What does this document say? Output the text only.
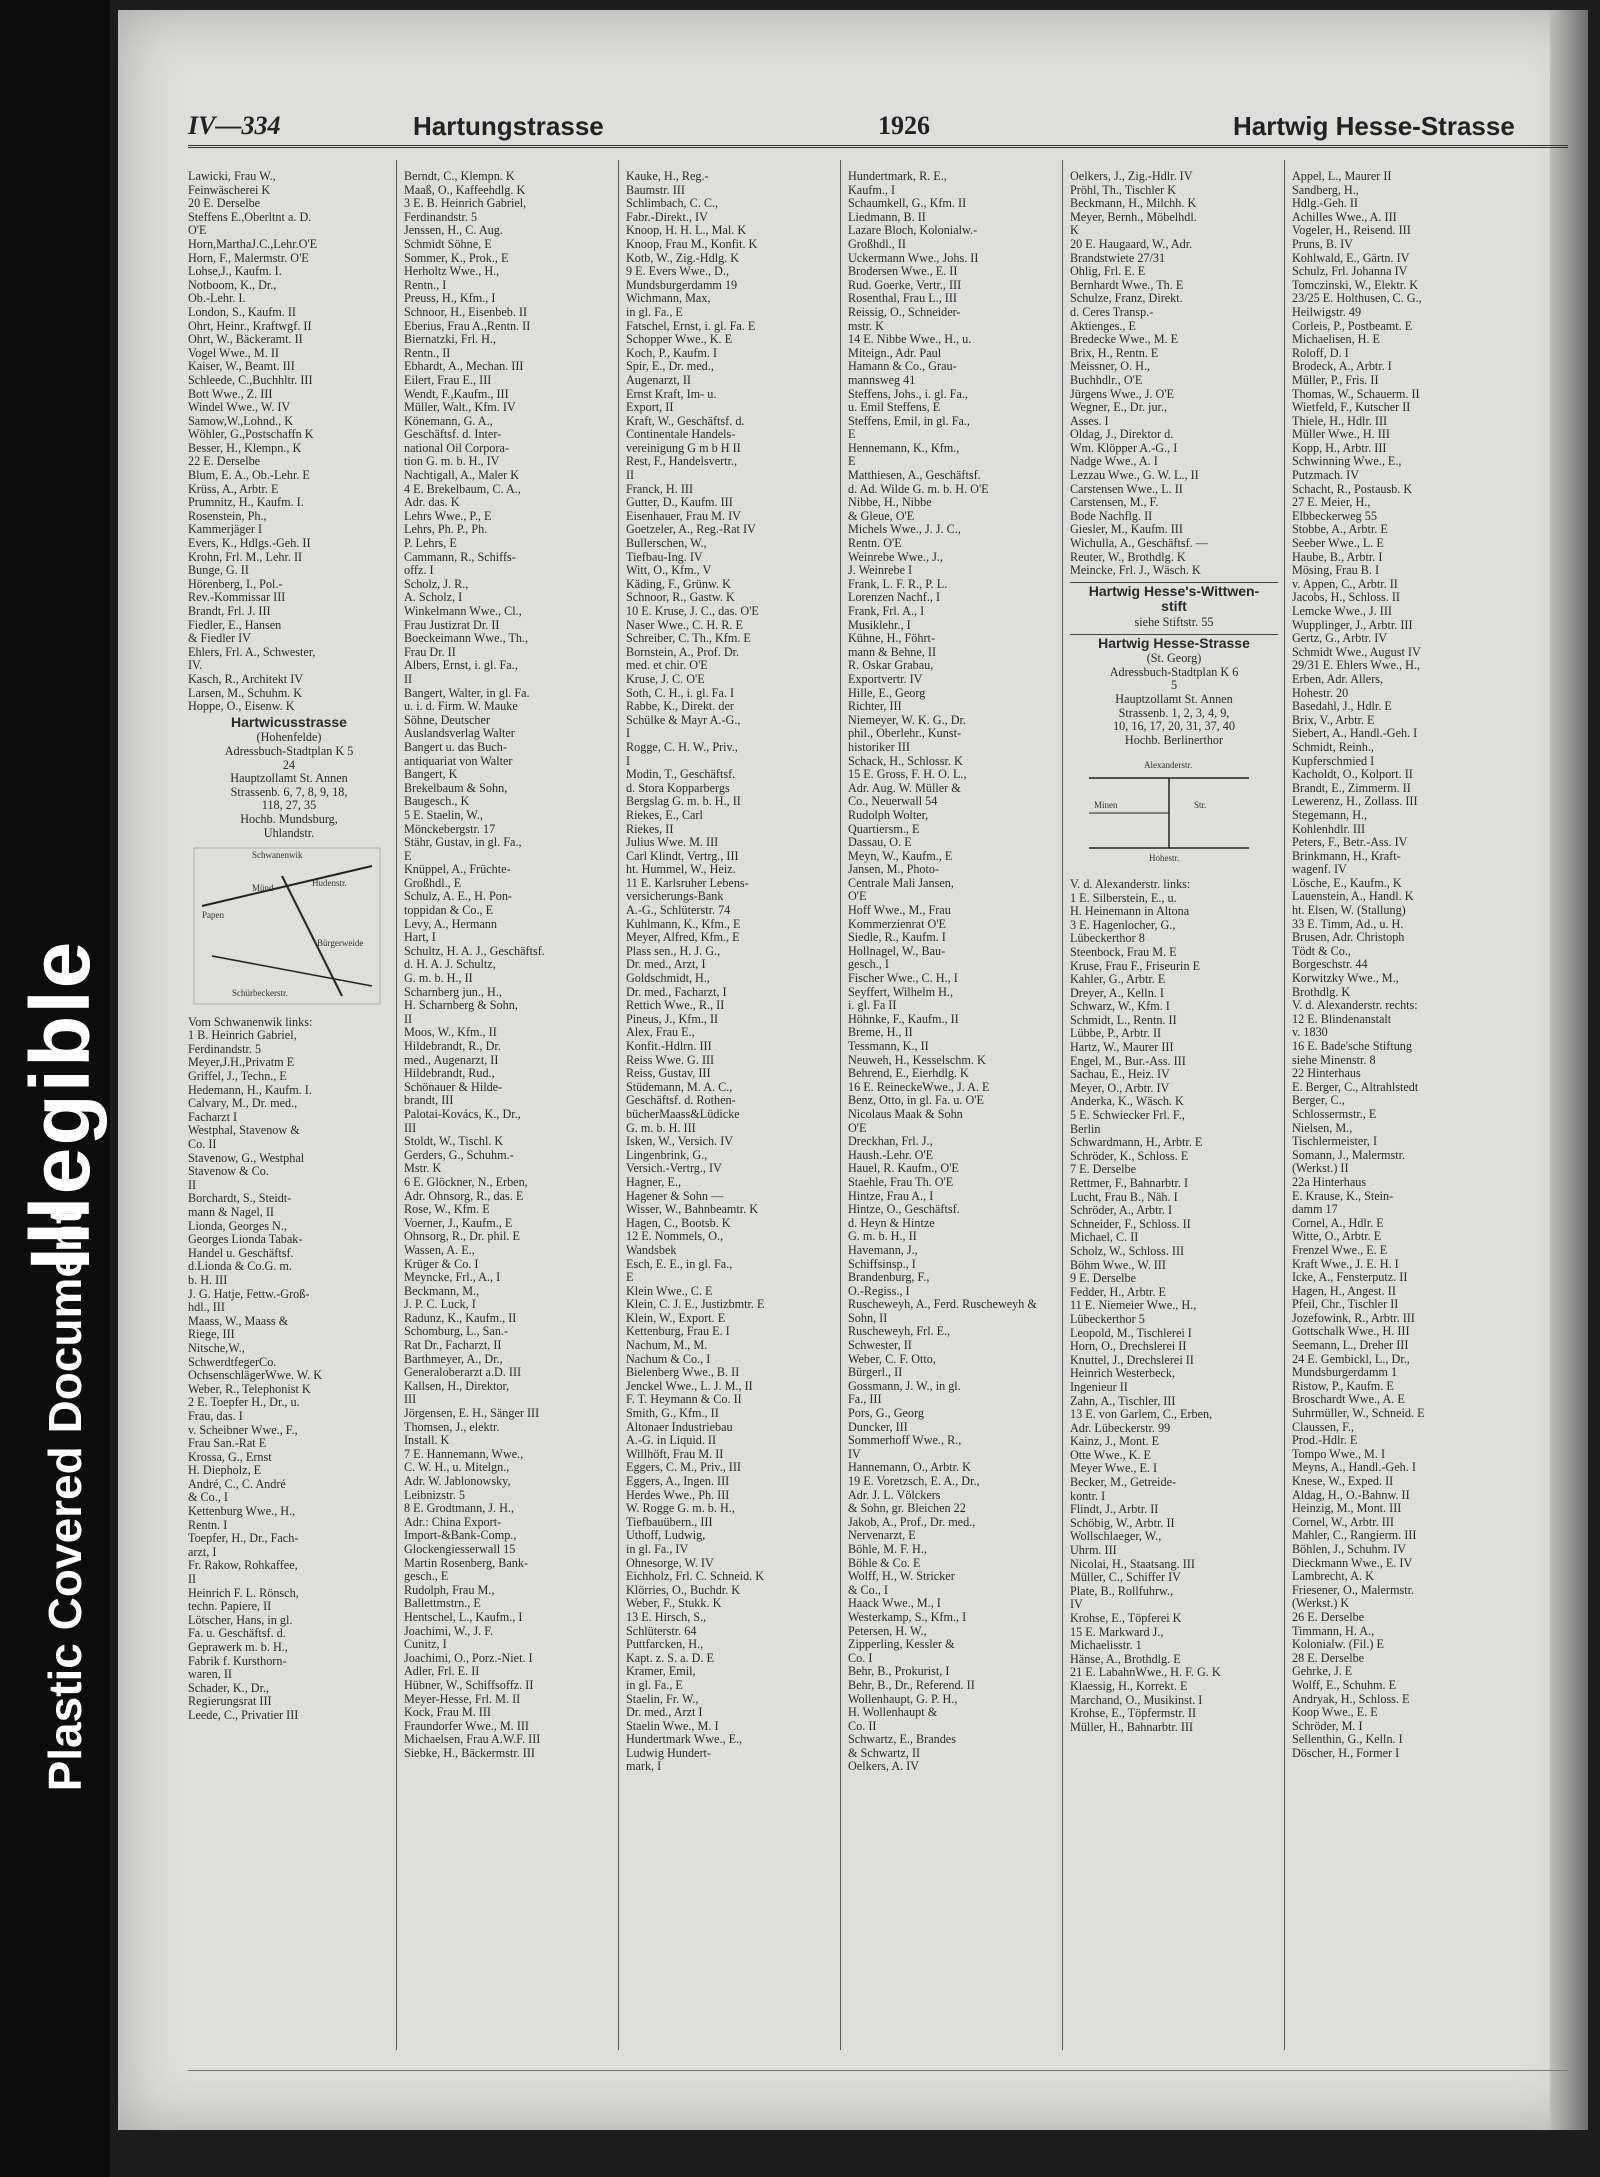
Illegible
Plastic Covered Document
IV—334	Hartungstrasse	1926	Hartwig Hesse-Strasse
Lawicki, Frau W.,
Feinwäscherei K
20 E. Derselbe
Steffens E.,Oberltnt a. D.
O'E
Horn,MarthaJ.C.,Lehr.O'E
Horn, F., Malermstr. O'E
Lohse,J., Kaufm. I.
Notboom, K., Dr.,
Ob.-Lehr. I.
London, S., Kaufm. II
Ohrt, Heinr., Kraftwgf. II
Ohrt, W., Bäckeramt. II
Vogel Wwe., M. II
Kaiser, W., Beamt. III
Schleede, C.,Buchhltr. III
Bott Wwe., Z. III
Windel Wwe., W. IV
Samow,W.,Lohnd., K
Wöhler, G.,Postschaffn K
Besser, H., Klempn., K
22 E. Derselbe
Blum, E. A., Ob.-Lehr. E
Krüss, A., Arbtr. E
Prumnitz, H., Kaufm. I.
Rosenstein, Ph.,
Kammerjäger I
Evers, K., Hdlgs.-Geh. II
Krohn, Frl. M., Lehr. II
Bunge, G. II
Hörenberg, I., Pol.-
Rev.-Kommissar III
Brandt, Frl. J. III
Fiedler, E., Hansen
& Fiedler IV
Ehlers, Frl. A., Schwester,
IV.
Kasch, R., Architekt IV
Larsen, M., Schuhm. K
Hoppe, O., Eisenw. K
Hartwicusstrasse
(Hohenfelde)
Adressbuch-Stadtplan K 5
24
Hauptzollamt St. Annen
Strassenb. 6, 7, 8, 9, 18,
118, 27, 35
Hochb. Mundsburg,
Uhlandstr.
Schwanenwik
Papen
Hudenstr.
Bürgerweide
Schürbeckerstr.
Münd
Vom Schwanenwik links:
1 B. Heinrich Gabriel,
Ferdinandstr. 5
Meyer,J.H.,Privatm E
Griffel, J., Techn., E
Hedemann, H., Kaufm. I.
Calvary, M., Dr. med.,
Facharzt I
Westphal, Stavenow &
Co. II
Stavenow, G., Westphal
Stavenow & Co.
II
Borchardt, S., Steidt-
mann & Nagel, II
Lionda, Georges N.,
Georges Lionda Tabak-
Handel u. Geschäftsf.
d.Lionda & Co.G. m.
b. H. III
J. G. Hatje, Fettw.-Groß-
hdl., III
Maass, W., Maass &
Riege, III
Nitsche,W.,
SchwerdtfegerCo.
OchsenschlägerWwe. W. K
Weber, R., Telephonist K
2 E. Toepfer H., Dr., u.
Frau, das. I
v. Scheibner Wwe., F.,
Frau San.-Rat E
Krossa, G., Ernst
H. Diepholz, E
André, C., C. André
& Co., I
Kettenburg Wwe., H.,
Rentn. I
Toepfer, H., Dr., Fach-
arzt, I
Fr. Rakow, Rohkaffee,
II
Heinrich F. L. Rönsch,
techn. Papiere, II
Lötscher, Hans, in gl.
Fa. u. Geschäftsf. d.
Geprawerk m. b. H.,
Fabrik f. Kursthorn-
waren, II
Schader, K., Dr.,
Regierungsrat III
Leede, C., Privatier III
Berndt, C., Klempn. K
Maaß, O., Kaffeehdlg. K
3 E. B. Heinrich Gabriel,
Ferdinandstr. 5
Jenssen, H., C. Aug.
Schmidt Söhne, E
Sommer, K., Prok., E
Herholtz Wwe., H.,
Rentn., I
Preuss, H., Kfm., I
Schnoor, H., Eisenbeb. II
Eberius, Frau A.,Rentn. II
Biernatzki, Frl. H.,
Rentn., II
Ebhardt, A., Mechan. III
Eilert, Frau E., III
Wendt, F.,Kaufm., III
Müller, Walt., Kfm. IV
Könemann, G. A.,
Geschäftsf. d. Inter-
national Oil Corpora-
tion G. m. b. H., IV
Nachtigall, A., Maler K
4 E. Brekelbaum, C. A.,
Adr. das. K
Lehrs Wwe., P., E
Lehrs, Ph. P., Ph.
P. Lehrs, E
Cammann, R., Schiffs-
offz. I
Scholz, J. R.,
A. Scholz, I
Winkelmann Wwe., Cl.,
Frau Justizrat Dr. II
Boeckeimann Wwe., Th.,
Frau Dr. II
Albers, Ernst, i. gl. Fa.,
II
Bangert, Walter, in gl. Fa.
u. i. d. Firm. W. Mauke
Söhne, Deutscher
Auslandsverlag Walter
Bangert u. das Buch-
antiquariat von Walter
Bangert, K
Brekelbaum & Sohn,
Baugesch., K
5 E. Staelin, W.,
Mönckebergstr. 17
Stähr, Gustav, in gl. Fa.,
E
Knüppel, A., Früchte-
Großhdl., E
Schulz, A. E., H. Pon-
toppidan & Co., E
Levy, A., Hermann
Hart, I
Schultz, H. A. J., Geschäftsf.
d. H. A. J. Schultz,
G. m. b. H., II
Scharnberg jun., H.,
H. Scharnberg & Sohn,
II
Moos, W., Kfm., II
Hildebrandt, R., Dr.
med., Augenarzt, II
Hildebrandt, Rud.,
Schönauer & Hilde-
brandt, III
Palotai-Kovács, K., Dr.,
III
Stoldt, W., Tischl. K
Gerders, G., Schuhm.-
Mstr. K
6 E. Glöckner, N., Erben,
Adr. Ohnsorg, R., das. E
Rose, W., Kfm. E
Voerner, J., Kaufm., E
Ohnsorg, R., Dr. phil. E
Wassen, A. E.,
Krüger & Co. I
Meyncke, Frl., A., I
Beckmann, M.,
J. P. C. Luck, I
Radunz, K., Kaufm., II
Schomburg, L., San.-
Rat Dr., Facharzt, II
Barthmeyer, A., Dr.,
Generaloberarzt a.D. III
Kallsen, H., Direktor,
III
Jörgensen, E. H., Sänger III
Thomsen, J., elektr.
Install. K
7 E. Hannemann, Wwe.,
C. W. H., u. Mitelgn.,
Adr. W. Jablonowsky,
Leibnizstr. 5
8 E. Grodtmann, J. H.,
Adr.: China Export-
Import-&Bank-Comp.,
Glockengiesserwall 15
Martin Rosenberg, Bank-
gesch., E
Rudolph, Frau M.,
Ballettmstrn., E
Hentschel, L., Kaufm., I
Joachimi, W., J. F.
Cunitz, I
Joachimi, O., Porz.-Niet. I
Adler, Frl. E. II
Hübner, W., Schiffsoffz. II
Meyer-Hesse, Frl. M. II
Kock, Frau M. III
Fraundorfer Wwe., M. III
Michaelsen, Frau A.W.F. III
Siebke, H., Bäckermstr. III
Kauke, H., Reg.-
Baumstr. III
Schlimbach, C. C.,
Fabr.-Direkt., IV
Knoop, H. H. L., Mal. K
Knoop, Frau M., Konfit. K
Kotb, W., Zig.-Hdlg. K
9 E. Evers Wwe., D.,
Mundsburgerdamm 19
Wichmann, Max,
in gl. Fa., E
Fatschel, Ernst, i. gl. Fa. E
Schopper Wwe., K. E
Koch, P., Kaufm. I
Spir, E., Dr. med.,
Augenarzt, II
Ernst Kraft, Im- u.
Export, II
Kraft, W., Geschäftsf. d.
Continentale Handels-
vereinigung G m b H II
Rest, F., Handelsvertr.,
II
Franck, H. III
Gutter, D., Kaufm. III
Eisenhauer, Frau M. IV
Goetzeler, A., Reg.-Rat IV
Bullerschen, W.,
Tiefbau-Ing. IV
Witt, O., Kfm., V
Käding, F., Grünw. K
Schnoor, R., Gastw. K
10 E. Kruse, J. C., das. O'E
Naser Wwe., C. H. R. E
Schreiber, C. Th., Kfm. E
Bornstein, A., Prof. Dr.
med. et chir. O'E
Kruse, J. C. O'E
Soth, C. H., i. gl. Fa. I
Rabbe, K., Direkt. der
Schülke & Mayr A.-G.,
I
Rogge, C. H. W., Priv.,
I
Modin, T., Geschäftsf.
d. Stora Kopparbergs
Bergslag G. m. b. H., II
Riekes, E., Carl
Riekes, II
Julius Wwe. M. III
Carl Klindt, Vertrg., III
ht. Hummel, W., Heiz.
11 E. Karlsruher Lebens-
versicherungs-Bank
A.-G., Schlüterstr. 74
Kuhlmann, K., Kfm., E
Meyer, Alfred, Kfm., E
Plass sen., H. J. G.,
Dr. med., Arzt, I
Goldschmidt, H.,
Dr. med., Facharzt, I
Rettich Wwe., R., II
Pineus, J., Kfm., II
Alex, Frau E.,
Konfit.-Hdlrn. III
Reiss Wwe. G. III
Reiss, Gustav, III
Stüdemann, M. A. C.,
Geschäftsf. d. Rothen-
bücherMaass&Lüdicke
G. m. b. H. III
Isken, W., Versich. IV
Lingenbrink, G.,
Versich.-Vertrg., IV
Hagner, E.,
Hagener & Sohn —
Wisser, W., Bahnbeamtr. K
Hagen, C., Bootsb. K
12 E. Nommels, O.,
Wandsbek
Esch, E. E., in gl. Fa.,
E
Klein Wwe., C. E
Klein, C. J. E., Justizbmtr. E
Klein, W., Export. E
Kettenburg, Frau E. I
Nachum, M., M.
Nachum & Co., I
Bielenberg Wwe., B. II
Jenckel Wwe., L. J. M., II
F. T. Heymann & Co. II
Smith, G., Kfm., II
Altonaer Industriebau
A.-G. in Liquid. II
Willhöft, Frau M. II
Eggers, C. M., Priv., III
Eggers, A., Ingen. III
Herdes Wwe., Ph. III
W. Rogge G. m. b. H.,
Tiefbauübern., III
Uthoff, Ludwig,
in gl. Fa., IV
Ohnesorge, W. IV
Eichholz, Frl. C. Schneid. K
Klörries, O., Buchdr. K
Weber, F., Stukk. K
13 E. Hirsch, S.,
Schlüterstr. 64
Puttfarcken, H.,
Kapt. z. S. a. D. E
Kramer, Emil,
in gl. Fa., E
Staelin, Fr. W.,
Dr. med., Arzt I
Staelin Wwe., M. I
Hundertmark Wwe., E.,
Ludwig Hundert-
mark, I
Hundertmark, R. E.,
Kaufm., I
Schaumkell, G., Kfm. II
Liedmann, B. II
Lazare Bloch, Kolonialw.-
Großhdl., II
Uckermann Wwe., Johs. II
Brodersen Wwe., E. II
Rud. Goerke, Vertr., III
Rosenthal, Frau L., III
Reissig, O., Schneider-
mstr. K
14 E. Nibbe Wwe., H., u.
Miteign., Adr. Paul
Hamann & Co., Grau-
mannsweg 41
Steffens, Johs., i. gl. Fa.,
u. Emil Steffens, E
Steffens, Emil, in gl. Fa.,
E
Hennemann, K., Kfm.,
E
Matthiesen, A., Geschäftsf.
d. Ad. Wilde G. m. b. H. O'E
Nibbe, H., Nibbe
& Gleue, O'E
Michels Wwe., J. J. C.,
Rentn. O'E
Weinrebe Wwe., J.,
J. Weinrebe I
Frank, L. F. R., P. L.
Lorenzen Nachf., I
Frank, Frl. A., I
Musiklehr., I
Kühne, H., Föhrt-
mann & Behne, II
R. Oskar Grabau,
Exportvertr. IV
Hille, E., Georg
Richter, III
Niemeyer, W. K. G., Dr.
phil., Oberlehr., Kunst-
historiker III
Schack, H., Schlossr. K
15 E. Gross, F. H. O. L.,
Adr. Aug. W. Müller &
Co., Neuerwall 54
Rudolph Wolter,
Quartiersm., E
Dassau, O. E
Meyn, W., Kaufm., E
Jansen, M., Photo-
Centrale Mali Jansen,
O'E
Hoff Wwe., M., Frau
Kommerzienrat O'E
Siedle, R., Kaufm. I
Hollnagel, W., Bau-
gesch., I
Fischer Wwe., C. H., I
Seyffert, Wilhelm H.,
i. gl. Fa II
Höhnke, F., Kaufm., II
Breme, H., II
Tessmann, K., II
Neuweh, H., Kesselschm. K
Behrend, E., Eierhdlg. K
16 E. ReineckeWwe., J. A. E
Benz, Otto, in gl. Fa. u. O'E
Nicolaus Maak & Sohn
O'E
Dreckhan, Frl. J.,
Haush.-Lehr. O'E
Hauel, R. Kaufm., O'E
Staehle, Frau Th. O'E
Hintze, Frau A., I
Hintze, O., Geschäftsf.
d. Heyn & Hintze
G. m. b. H., II
Havemann, J.,
Schiffsinsp., I
Brandenburg, F.,
O.-Regiss., I
Ruscheweyh, A., Ferd. Ruscheweyh &
Sohn, II
Ruscheweyh, Frl. E.,
Schwester, II
Weber, C. F. Otto,
Bürgerl., II
Gossmann, J. W., in gl.
Fa., III
Pors, G., Georg
Duncker, III
Sommerhoff Wwe., R.,
IV
Hannemann, O., Arbtr. K
19 E. Voretzsch, E. A., Dr.,
Adr. J. L. Völckers
& Sohn, gr. Bleichen 22
Jakob, A., Prof., Dr. med.,
Nervenarzt, E
Böhle, M. F. H.,
Böhle & Co. E
Wolff, H., W. Stricker
& Co., I
Haack Wwe., M., I
Westerkamp, S., Kfm., I
Petersen, H. W.,
Zipperling, Kessler &
Co. I
Behr, B., Prokurist, I
Behr, B., Dr., Referend. II
Wollenhaupt, G. P. H.,
H. Wollenhaupt &
Co. II
Schwartz, E., Brandes
& Schwartz, II
Oelkers, A. IV
Oelkers, J., Zig.-Hdlr. IV
Pröhl, Th., Tischler K
Beckmann, H., Milchh. K
Meyer, Bernh., Möbelhdl.
K
20 E. Haugaard, W., Adr.
Brandstwiete 27/31
Ohlig, Frl. E. E
Bernhardt Wwe., Th. E
Schulze, Franz, Direkt.
d. Ceres Transp.-
Aktienges., E
Bredecke Wwe., M. E
Brix, H., Rentn. E
Meissner, O. H.,
Buchhdlr., O'E
Jürgens Wwe., J. O'E
Wegner, E., Dr. jur.,
Asses. I
Oldag, J., Direktor d.
Wm. Klöpper A.-G., I
Nadge Wwe., A. I
Lezzau Wwe., G. W. L., II
Carstensen Wwe., L. II
Carstensen, M., F.
Bode Nachflg. II
Giesler, M., Kaufm. III
Wichulla, A., Geschäftsf. —
Reuter, W., Brothdlg. K
Meincke, Frl. J., Wäsch. K
Hartwig Hesse's-Wittwen-
stift
siehe Stiftstr. 55
Hartwig Hesse-Strasse
(St. Georg)
Adressbuch-Stadtplan K 6
5
Hauptzollamt St. Annen
Strassenb. 1, 2, 3, 4, 9,
10, 16, 17, 20, 31, 37, 40
Hochb. Berlinerthor
Alexanderstr.
Minen	Str.
Hohestr.
V. d. Alexanderstr. links:
1 E. Silberstein, E., u.
H. Heinemann in Altona
3 E. Hagenlocher, G.,
Lübeckerthor 8
Steenbock, Frau M. E
Kruse, Frau F., Friseurin E
Kahler, G., Arbtr. E
Dreyer, A., Kelln. I
Schwarz, W., Kfm. I
Schmidt, L., Rentn. II
Lübbe, P., Arbtr. II
Hartz, W., Maurer III
Engel, M., Bur.-Ass. III
Sachau, E., Heiz. IV
Meyer, O., Arbtr. IV
Anderka, K., Wäsch. K
5 E. Schwiecker Frl. F.,
Berlin
Schwardmann, H., Arbtr. E
Schröder, K., Schloss. E
7 E. Derselbe
Rettmer, F., Bahnarbtr. I
Lucht, Frau B., Näh. I
Schröder, A., Arbtr. I
Schneider, F., Schloss. II
Michael, C. II
Scholz, W., Schloss. III
Böhm Wwe., W. III
9 E. Derselbe
Fedder, H., Arbtr. E
11 E. Niemeier Wwe., H.,
Lübeckerthor 5
Leopold, M., Tischlerei I
Horn, O., Drechslerei II
Knuttel, J., Drechslerei II
Heinrich Westerbeck,
Ingenieur II
Zahn, A., Tischler, III
13 E. von Garlem, C., Erben,
Adr. Lübeckerstr. 99
Kainz, J., Mont. E
Otte Wwe., K. E
Meyer Wwe., E. I
Becker, M., Getreide-
kontr. I
Flindt, J., Arbtr. II
Schöbig, W., Arbtr. II
Wollschlaeger, W.,
Uhrm. III
Nicolai, H., Staatsang. III
Müller, C., Schiffer IV
Plate, B., Rollfuhrw.,
IV
Krohse, E., Töpferei K
15 E. Markward J.,
Michaelisstr. 1
Hänse, A., Brothdlg. E
21 E. LabahnWwe., H. F. G. K
Klaessig, H., Korrekt. E
Marchand, O., Musikinst. I
Krohse, E., Töpfermstr. II
Müller, H., Bahnarbtr. III
Appel, L., Maurer II
Sandberg, H.,
Hdlg.-Geh. II
Achilles Wwe., A. III
Vogeler, H., Reisend. III
Pruns, B. IV
Kohlwald, E., Gärtn. IV
Schulz, Frl. Johanna IV
Tomczinski, W., Elektr. K
23/25 E. Holthusen, C. G.,
Heilwigstr. 49
Corleis, P., Postbeamt. E
Michaelisen, H. E
Roloff, D. I
Brodeck, A., Arbtr. I
Müller, P., Fris. II
Thomas, W., Schauerm. II
Wietfeld, F., Kutscher II
Thiele, H., Hdlr. III
Müller Wwe., H. III
Kopp, H., Arbtr. III
Schwinning Wwe., E.,
Putzmach. IV
Schacht, R., Postausb. K
27 E. Meier, H.,
Elbbeckerweg 55
Stobbe, A., Arbtr. E
Seeber Wwe., L. E
Haube, B., Arbtr. I
Mösing, Frau B. I
v. Appen, C., Arbtr. II
Jacobs, H., Schloss. II
Lemcke Wwe., J. III
Wupplinger, J., Arbtr. III
Gertz, G., Arbtr. IV
Schmidt Wwe., August IV
29/31 E. Ehlers Wwe., H.,
Erben, Adr. Allers,
Hohestr. 20
Basedahl, J., Hdlr. E
Brix, V., Arbtr. E
Siebert, A., Handl.-Geh. I
Schmidt, Reinh.,
Kupferschmied I
Kacholdt, O., Kolport. II
Brandt, E., Zimmerm. II
Lewerenz, H., Zollass. III
Stegemann, H.,
Kohlenhdlr. III
Peters, F., Betr.-Ass. IV
Brinkmann, H., Kraft-
wagenf. IV
Lösche, E., Kaufm., K
Lauenstein, A., Handl. K
ht. Elsen, W. (Stallung)
33 E. Timm, Ad., u. H.
Brusen, Adr. Christoph
Tödt & Co.,
Borgeschstr. 44
Korwitzky Wwe., M.,
Brothdlg. K
V. d. Alexanderstr. rechts:
12 E. Blindenanstalt
v. 1830
16 E. Bade'sche Stiftung
siehe Minenstr. 8
22 Hinterhaus
E. Berger, C., Altrahlstedt
Berger, C.,
Schlossermstr., E
Nielsen, M.,
Tischlermeister, I
Somann, J., Malermstr.
(Werkst.) II
22a Hinterhaus
E. Krause, K., Stein-
damm 17
Cornel, A., Hdlr. E
Witte, O., Arbtr. E
Frenzel Wwe., E. E
Kraft Wwe., J. E. H. I
Icke, A., Fensterputz. II
Hagen, H., Angest. II
Pfeil, Chr., Tischler II
Jozefowink, R., Arbtr. III
Gottschalk Wwe., H. III
Seemann, L., Dreher III
24 E. Gembickl, L., Dr.,
Mundsburgerdamm 1
Ristow, P., Kaufm. E
Broschardt Wwe., A. E
Suhrmüller, W., Schneid. E
Claussen, F.,
Prod.-Hdlr. E
Tompo Wwe., M. I
Meyns, A., Handl.-Geh. I
Knese, W., Exped. II
Aldag, H., O.-Bahnw. II
Heinzig, M., Mont. III
Cornel, W., Arbtr. III
Mahler, C., Rangierm. III
Böhlen, J., Schuhm. IV
Dieckmann Wwe., E. IV
Lambrecht, A. K
Friesener, O., Malermstr.
(Werkst.) K
26 E. Derselbe
Timmann, H. A.,
Kolonialw. (Fil.) E
28 E. Derselbe
Gehrke, J. E
Wolff, E., Schuhm. E
Andryak, H., Schloss. E
Koop Wwe., E. E
Schröder, M. I
Sellenthin, G., Kelln. I
Döscher, H., Former I
